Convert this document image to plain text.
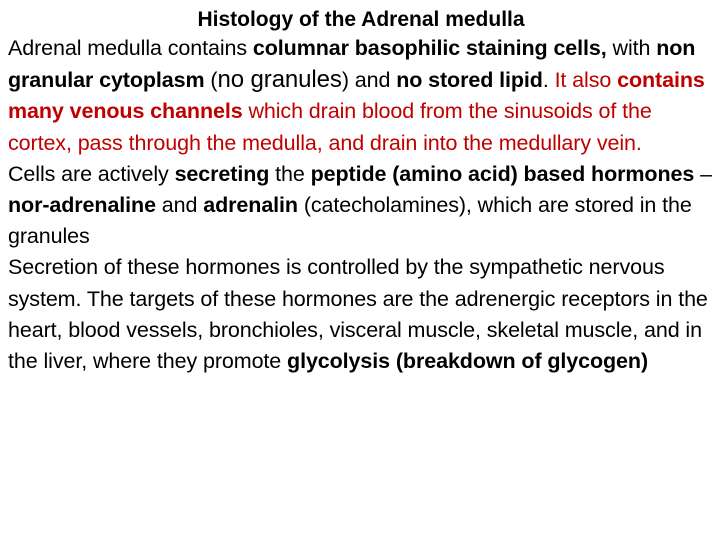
Histology of the Adrenal medulla

Adrenal medulla contains columnar basophilic staining cells, with non granular cytoplasm (no granules) and no stored lipid. It also contains many venous channels which drain blood from the sinusoids of the cortex, pass through the medulla, and drain into the medullary vein.

Cells are actively secreting the peptide (amino acid) based hormones – nor-adrenaline and adrenalin (catecholamines), which are stored in the granules

Secretion of these hormones is controlled by the sympathetic nervous system. The targets of these hormones are the adrenergic receptors in the heart, blood vessels, bronchioles, visceral muscle, skeletal muscle, and in the liver, where they promote glycolysis (breakdown of glycogen)
